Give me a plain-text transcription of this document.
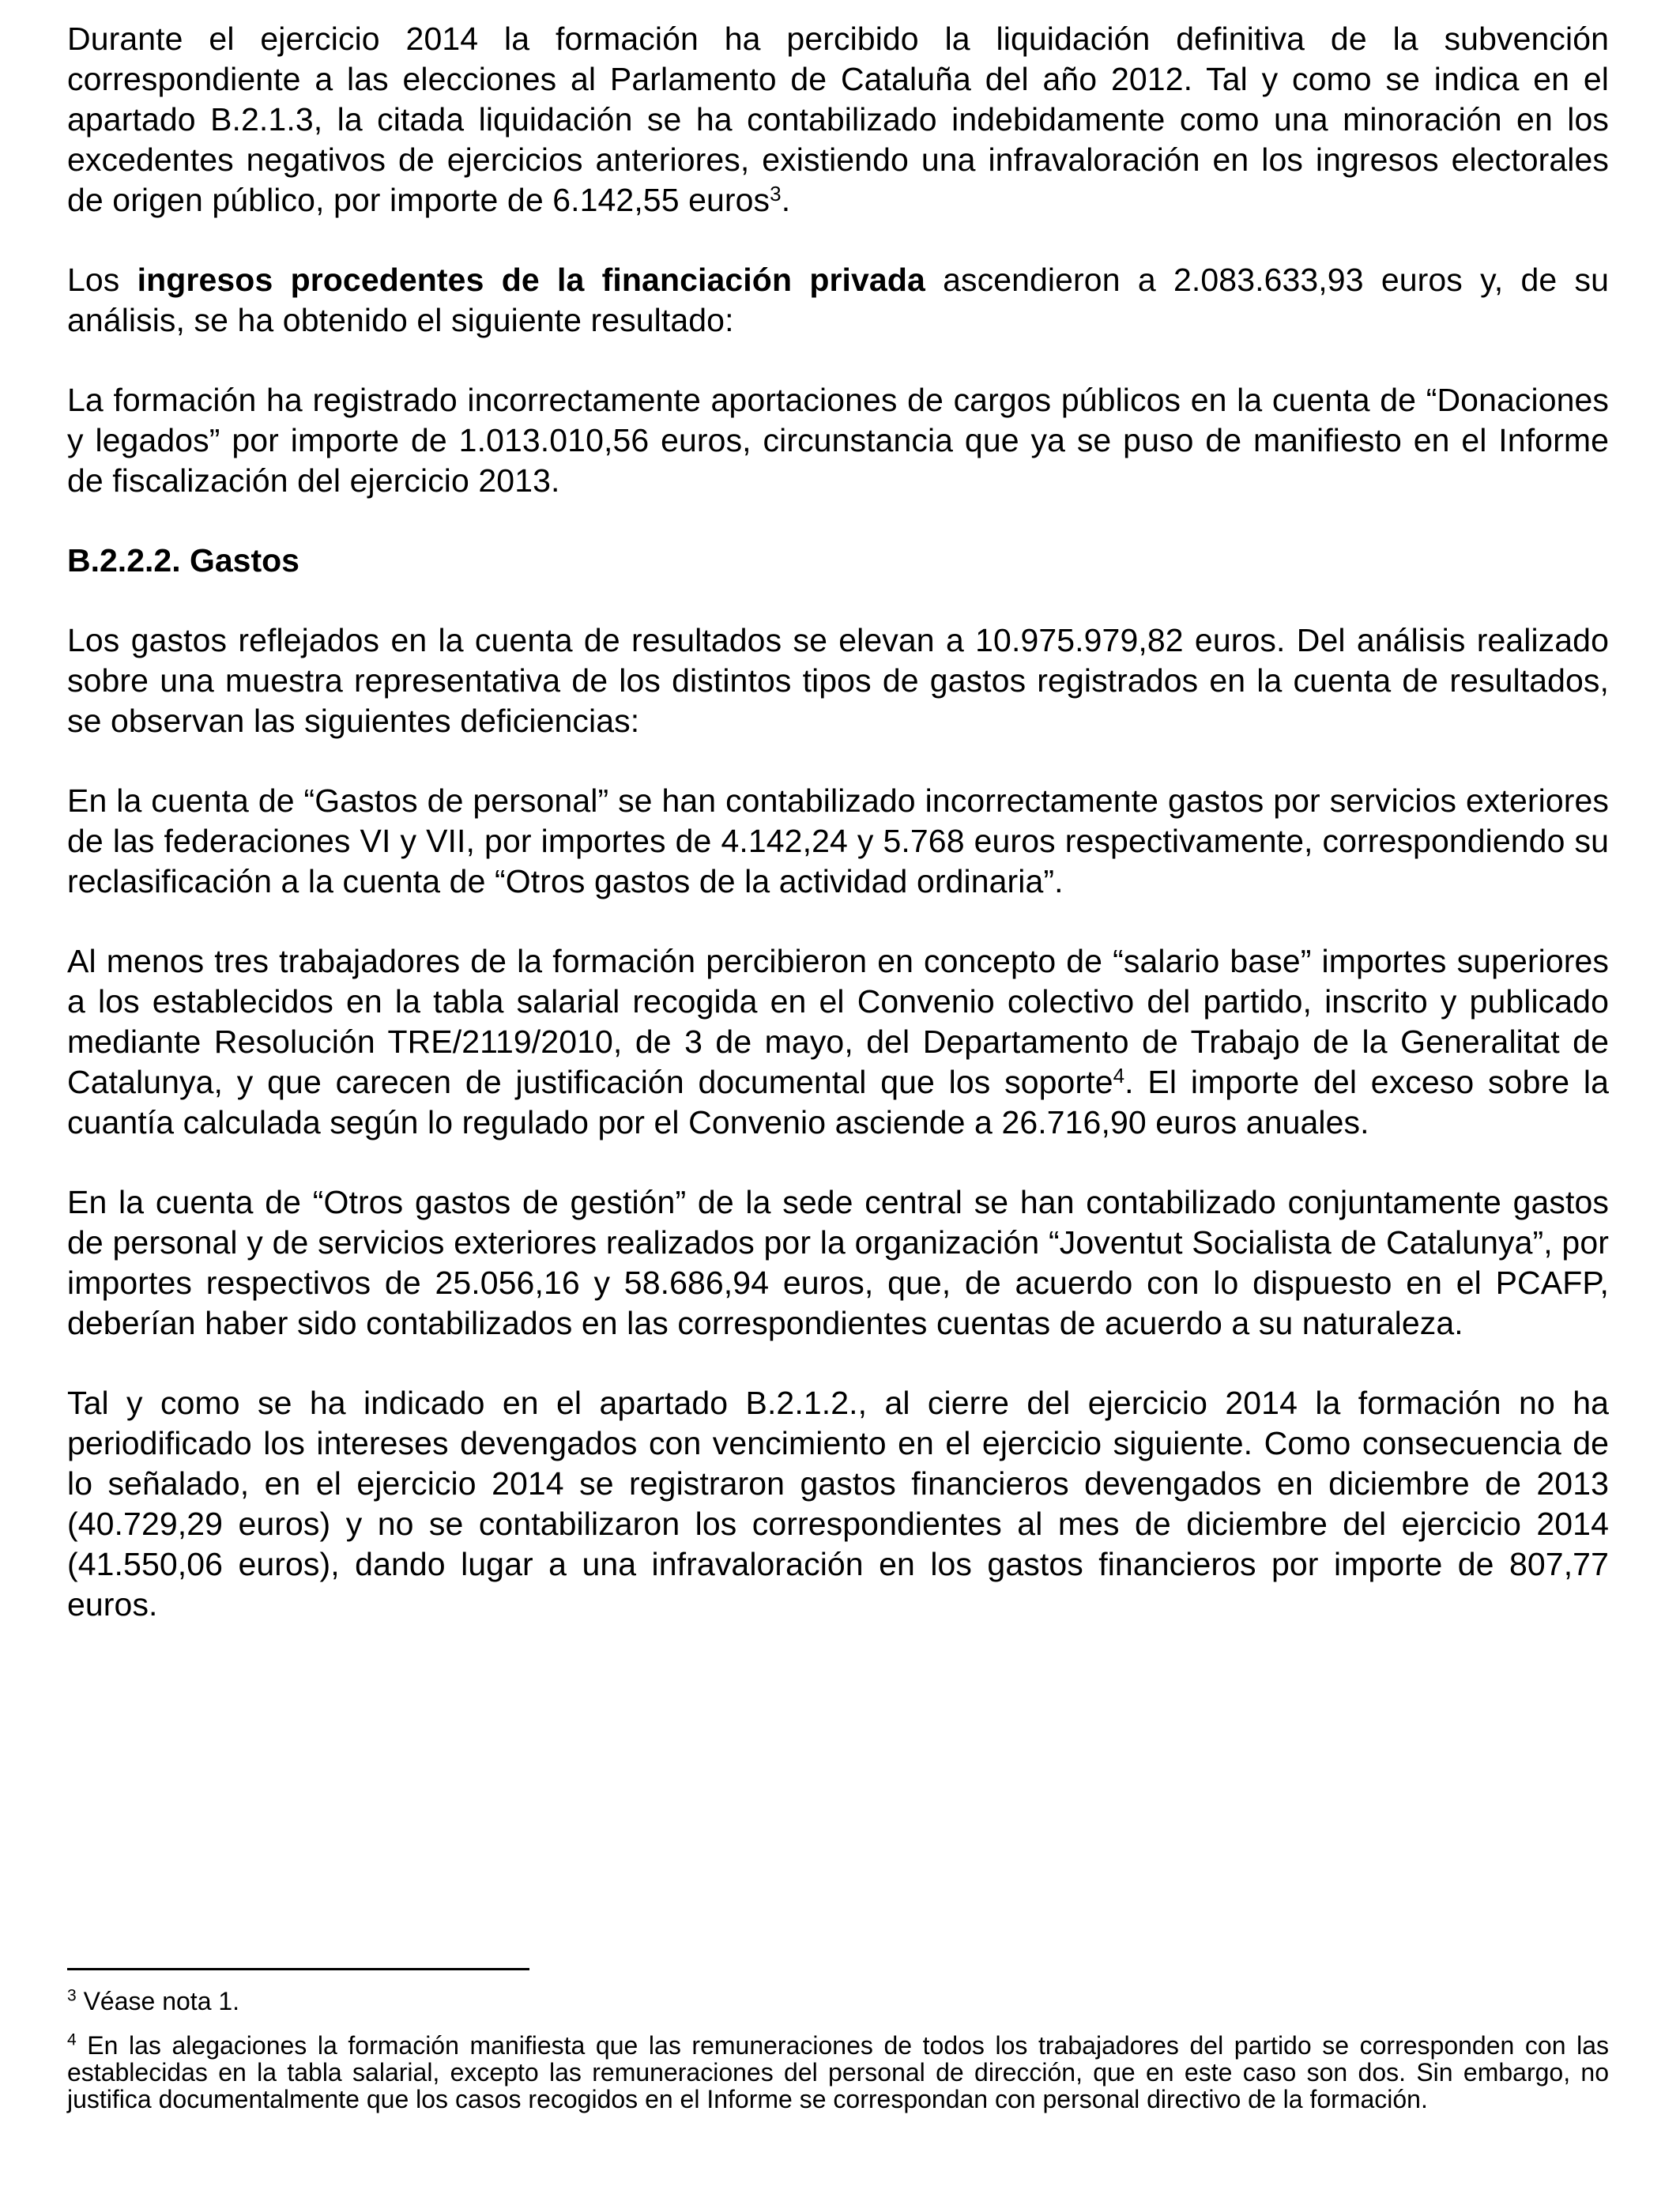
Durante el ejercicio 2014 la formación ha percibido la liquidación definitiva de la subvención correspondiente a las elecciones al Parlamento de Cataluña del año 2012. Tal y como se indica en el apartado B.2.1.3, la citada liquidación se ha contabilizado indebidamente como una minoración en los excedentes negativos de ejercicios anteriores, existiendo una infravaloración en los ingresos electorales de origen público, por importe de 6.142,55 euros$^3$.

Los ingresos procedentes de la financiación privada ascendieron a 2.083.633,93 euros y, de su análisis, se ha obtenido el siguiente resultado:

La formación ha registrado incorrectamente aportaciones de cargos públicos en la cuenta de “Donaciones y legados” por importe de 1.013.010,56 euros, circunstancia que ya se puso de manifiesto en el Informe de fiscalización del ejercicio 2013.

B.2.2.2. Gastos

Los gastos reflejados en la cuenta de resultados se elevan a 10.975.979,82 euros. Del análisis realizado sobre una muestra representativa de los distintos tipos de gastos registrados en la cuenta de resultados, se observan las siguientes deficiencias:

En la cuenta de “Gastos de personal” se han contabilizado incorrectamente gastos por servicios exteriores de las federaciones VI y VII, por importes de 4.142,24 y 5.768 euros respectivamente, correspondiendo su reclasificación a la cuenta de “Otros gastos de la actividad ordinaria”.

Al menos tres trabajadores de la formación percibieron en concepto de “salario base” importes superiores a los establecidos en la tabla salarial recogida en el Convenio colectivo del partido, inscrito y publicado mediante Resolución TRE/2119/2010, de 3 de mayo, del Departamento de Trabajo de la Generalitat de Catalunya, y que carecen de justificación documental que los soporte$^4$. El importe del exceso sobre la cuantía calculada según lo regulado por el Convenio asciende a 26.716,90 euros anuales.

En la cuenta de “Otros gastos de gestión” de la sede central se han contabilizado conjuntamente gastos de personal y de servicios exteriores realizados por la organización “Joventut Socialista de Catalunya”, por importes respectivos de 25.056,16 y 58.686,94 euros, que, de acuerdo con lo dispuesto en el PCAFP, deberían haber sido contabilizados en las correspondientes cuentas de acuerdo a su naturaleza.

Tal y como se ha indicado en el apartado B.2.1.2., al cierre del ejercicio 2014 la formación no ha periodificado los intereses devengados con vencimiento en el ejercicio siguiente. Como consecuencia de lo señalado, en el ejercicio 2014 se registraron gastos financieros devengados en diciembre de 2013 (40.729,29 euros) y no se contabilizaron los correspondientes al mes de diciembre del ejercicio 2014 (41.550,06 euros), dando lugar a una infravaloración en los gastos financieros por importe de 807,77 euros.

$^3$ Véase nota 1.

$^4$ En las alegaciones la formación manifiesta que las remuneraciones de todos los trabajadores del partido se corresponden con las establecidas en la tabla salarial, excepto las remuneraciones del personal de dirección, que en este caso son dos. Sin embargo, no justifica documentalmente que los casos recogidos en el Informe se correspondan con personal directivo de la formación.
